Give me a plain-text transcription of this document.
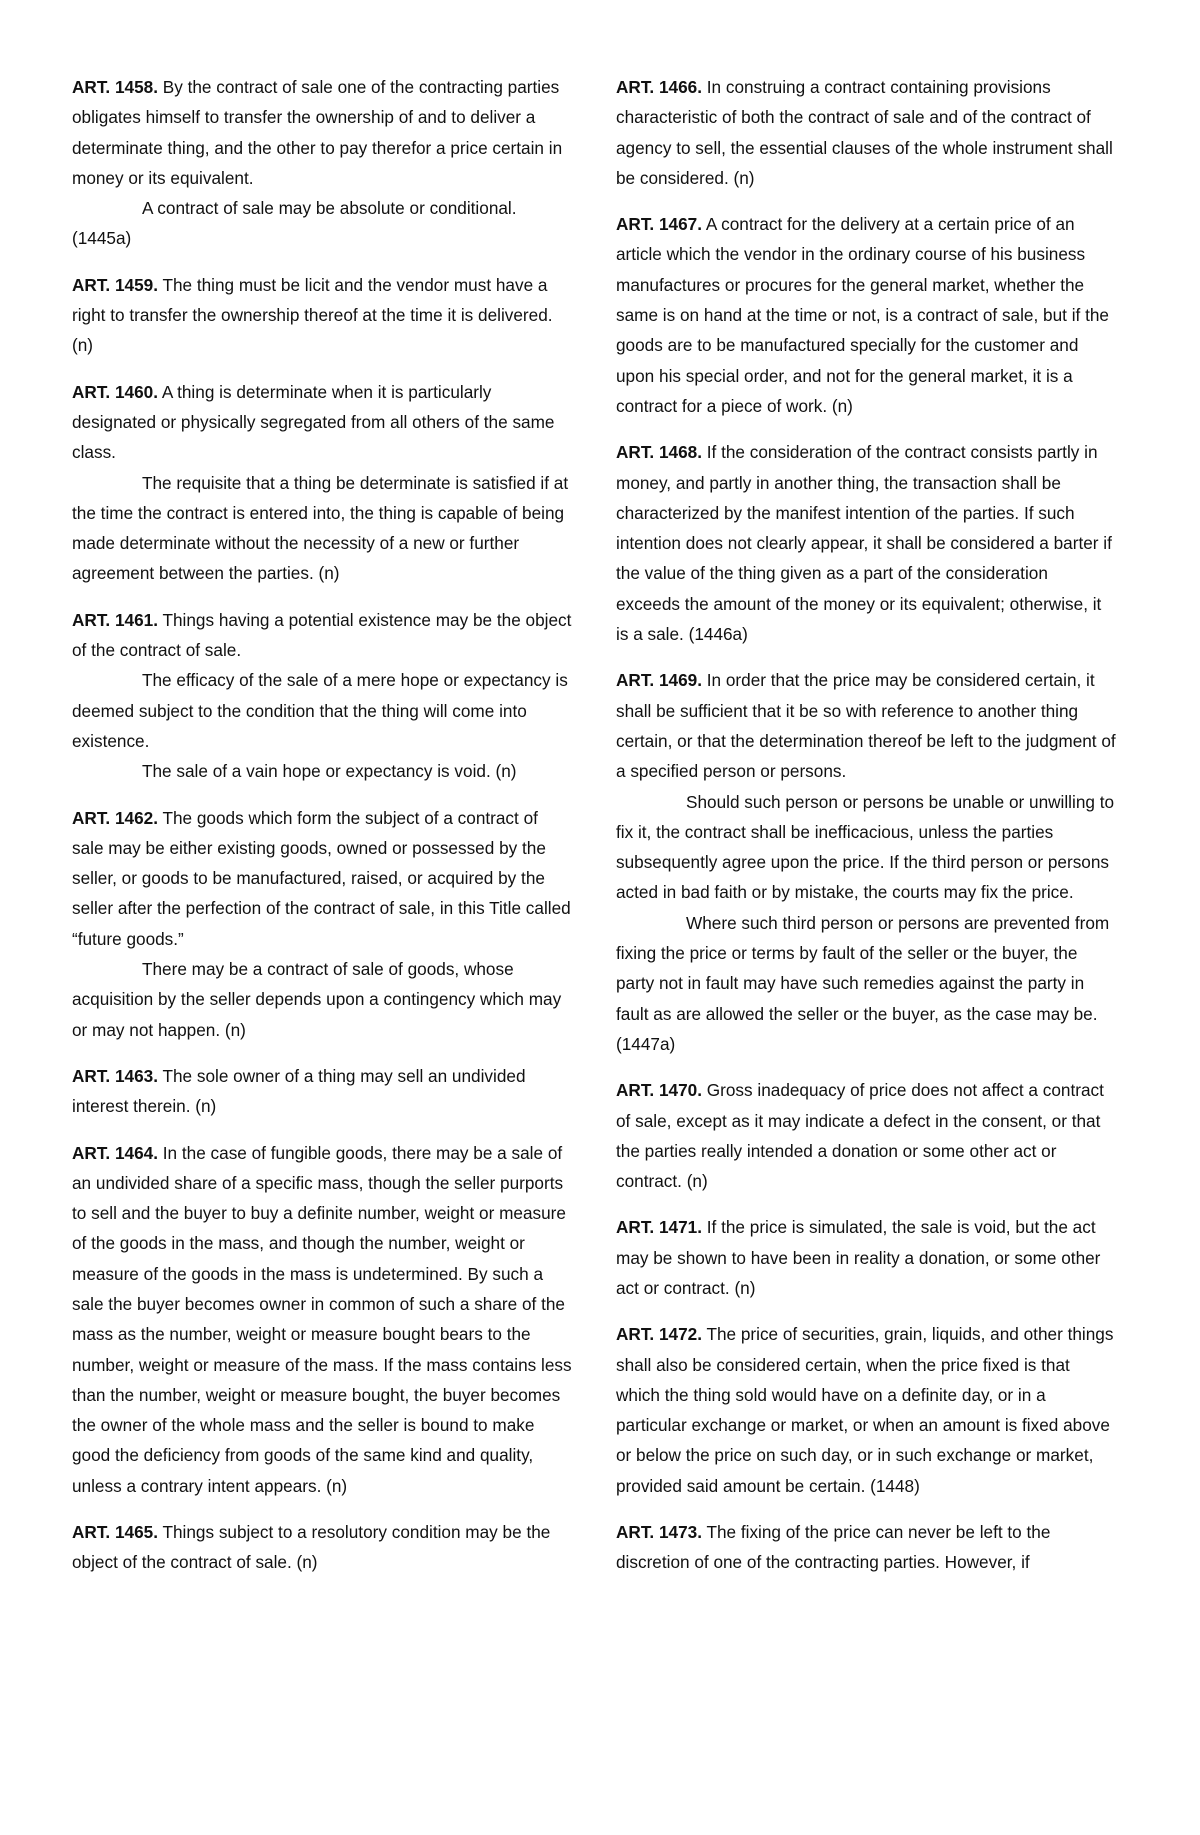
ART. 1458. By the contract of sale one of the contracting parties obligates himself to transfer the ownership of and to deliver a determinate thing, and the other to pay therefor a price certain in money or its equivalent.

A contract of sale may be absolute or conditional. (1445a)

ART. 1459. The thing must be licit and the vendor must have a right to transfer the ownership thereof at the time it is delivered. (n)

ART. 1460. A thing is determinate when it is particularly designated or physically segregated from all others of the same class.

The requisite that a thing be determinate is satisfied if at the time the contract is entered into, the thing is capable of being made determinate without the necessity of a new or further agreement between the parties. (n)

ART. 1461. Things having a potential existence may be the object of the contract of sale.

The efficacy of the sale of a mere hope or expectancy is deemed subject to the condition that the thing will come into existence.

The sale of a vain hope or expectancy is void. (n)

ART. 1462. The goods which form the subject of a contract of sale may be either existing goods, owned or possessed by the seller, or goods to be manufactured, raised, or acquired by the seller after the perfection of the contract of sale, in this Title called “future goods.”

There may be a contract of sale of goods, whose acquisition by the seller depends upon a contingency which may or may not happen. (n)

ART. 1463. The sole owner of a thing may sell an undivided interest therein. (n)

ART. 1464. In the case of fungible goods, there may be a sale of an undivided share of a specific mass, though the seller purports to sell and the buyer to buy a definite number, weight or measure of the goods in the mass, and though the number, weight or measure of the goods in the mass is undetermined. By such a sale the buyer becomes owner in common of such a share of the mass as the number, weight or measure bought bears to the number, weight or measure of the mass. If the mass contains less than the number, weight or measure bought, the buyer becomes the owner of the whole mass and the seller is bound to make good the deficiency from goods of the same kind and quality, unless a contrary intent appears. (n)

ART. 1465. Things subject to a resolutory condition may be the object of the contract of sale. (n)

ART. 1466. In construing a contract containing provisions characteristic of both the contract of sale and of the contract of agency to sell, the essential clauses of the whole instrument shall be considered. (n)

ART. 1467. A contract for the delivery at a certain price of an article which the vendor in the ordinary course of his business manufactures or procures for the general market, whether the same is on hand at the time or not, is a contract of sale, but if the goods are to be manufactured specially for the customer and upon his special order, and not for the general market, it is a contract for a piece of work. (n)

ART. 1468. If the consideration of the contract consists partly in money, and partly in another thing, the transaction shall be characterized by the manifest intention of the parties. If such intention does not clearly appear, it shall be considered a barter if the value of the thing given as a part of the consideration exceeds the amount of the money or its equivalent; otherwise, it is a sale. (1446a)

ART. 1469. In order that the price may be considered certain, it shall be sufficient that it be so with reference to another thing certain, or that the determination thereof be left to the judgment of a specified person or persons.

Should such person or persons be unable or unwilling to fix it, the contract shall be inefficacious, unless the parties subsequently agree upon the price. If the third person or persons acted in bad faith or by mistake, the courts may fix the price.

Where such third person or persons are prevented from fixing the price or terms by fault of the seller or the buyer, the party not in fault may have such remedies against the party in fault as are allowed the seller or the buyer, as the case may be. (1447a)

ART. 1470. Gross inadequacy of price does not affect a contract of sale, except as it may indicate a defect in the consent, or that the parties really intended a donation or some other act or contract. (n)

ART. 1471. If the price is simulated, the sale is void, but the act may be shown to have been in reality a donation, or some other act or contract. (n)

ART. 1472. The price of securities, grain, liquids, and other things shall also be considered certain, when the price fixed is that which the thing sold would have on a definite day, or in a particular exchange or market, or when an amount is fixed above or below the price on such day, or in such exchange or market, provided said amount be certain. (1448)

ART. 1473. The fixing of the price can never be left to the discretion of one of the contracting parties. However, if
